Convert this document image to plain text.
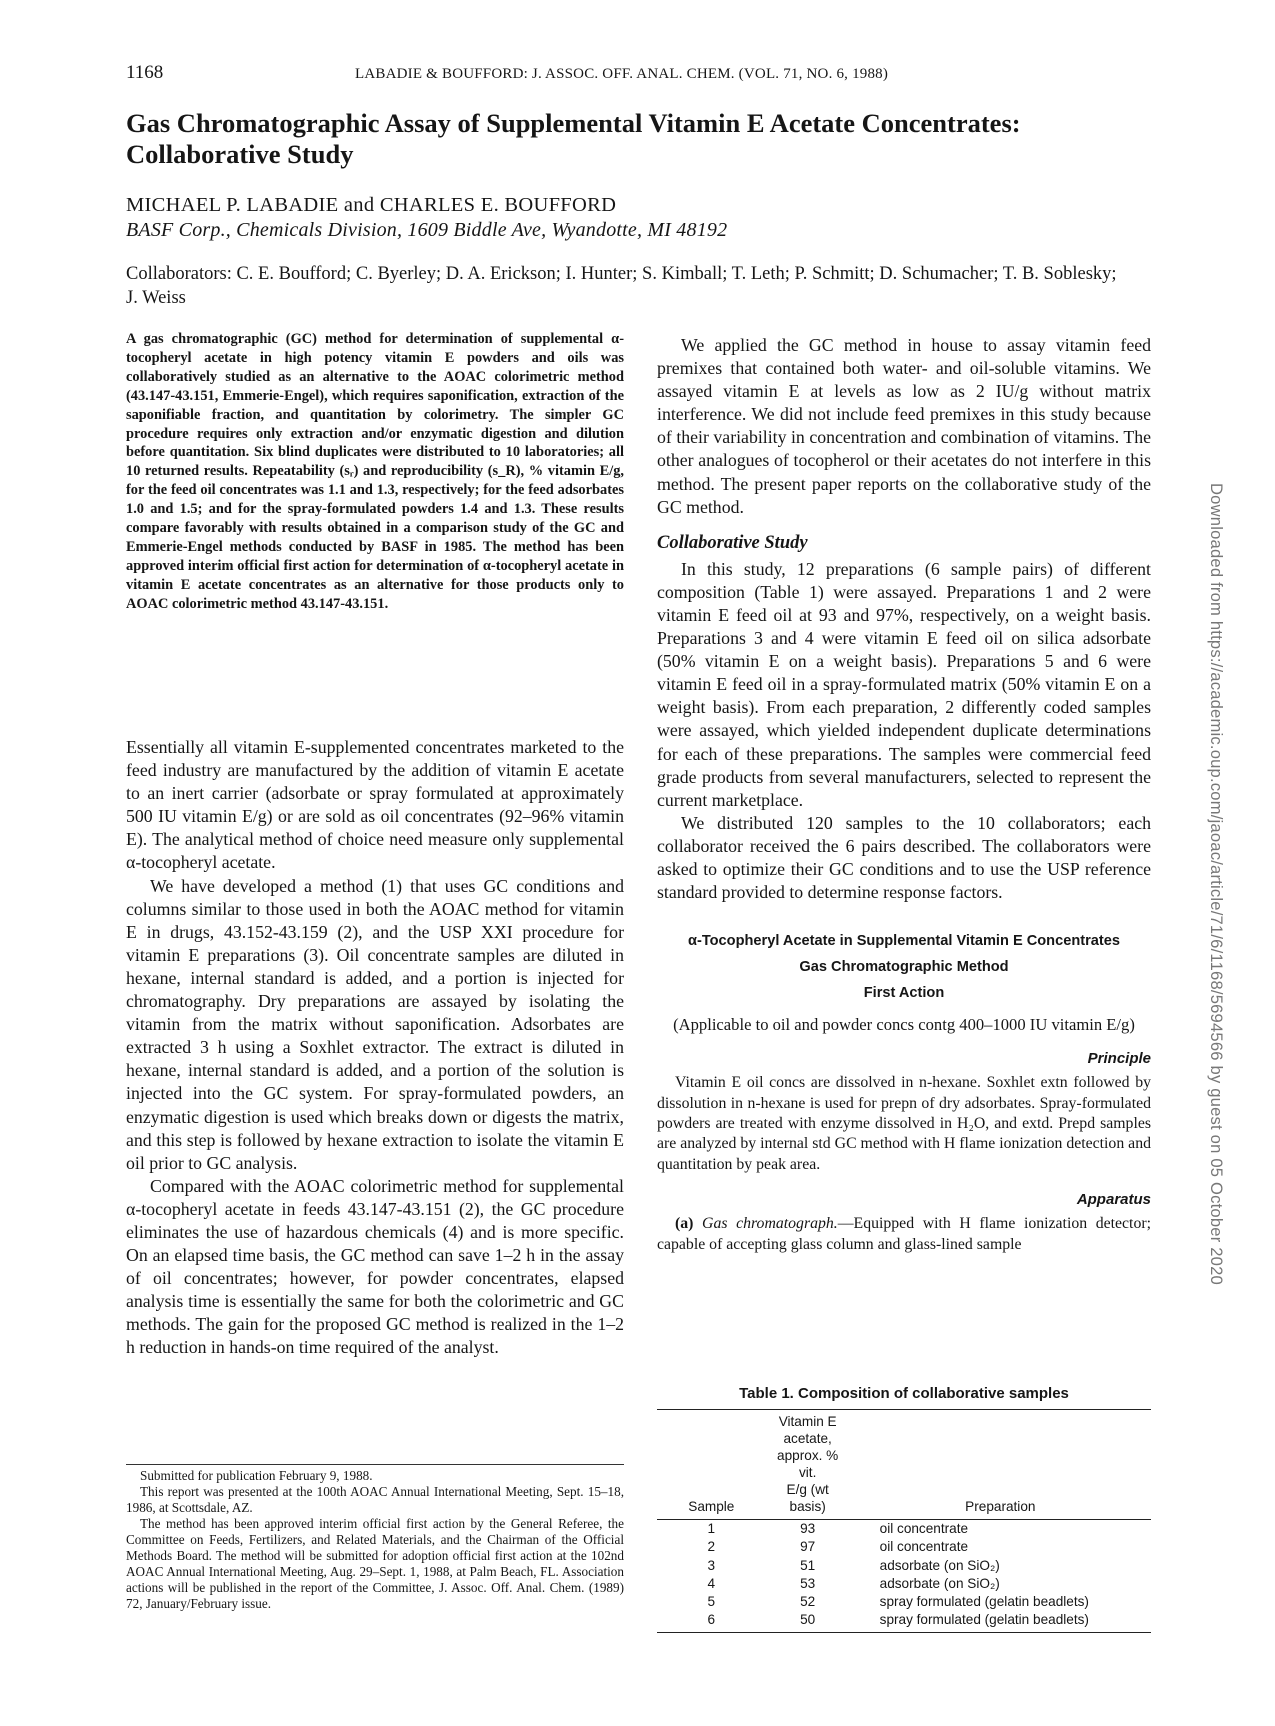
1168	LABADIE & BOUFFORD: J. ASSOC. OFF. ANAL. CHEM. (VOL. 71, NO. 6, 1988)
Gas Chromatographic Assay of Supplemental Vitamin E Acetate Concentrates: Collaborative Study
MICHAEL P. LABADIE and CHARLES E. BOUFFORD
BASF Corp., Chemicals Division, 1609 Biddle Ave, Wyandotte, MI 48192
Collaborators: C. E. Boufford; C. Byerley; D. A. Erickson; I. Hunter; S. Kimball; T. Leth; P. Schmitt; D. Schumacher; T. B. Soblesky; J. Weiss
A gas chromatographic (GC) method for determination of supplemental α-tocopheryl acetate in high potency vitamin E powders and oils was collaboratively studied as an alternative to the AOAC colorimetric method (43.147-43.151, Emmerie-Engel), which requires saponification, extraction of the saponifiable fraction, and quantitation by colorimetry. The simpler GC procedure requires only extraction and/or enzymatic digestion and dilution before quantitation. Six blind duplicates were distributed to 10 laboratories; all 10 returned results. Repeatability (sᵣ) and reproducibility (s_R), % vitamin E/g, for the feed oil concentrates was 1.1 and 1.3, respectively; for the feed adsorbates 1.0 and 1.5; and for the spray-formulated powders 1.4 and 1.3. These results compare favorably with results obtained in a comparison study of the GC and Emmerie-Engel methods conducted by BASF in 1985. The method has been approved interim official first action for determination of α-tocopheryl acetate in vitamin E acetate concentrates as an alternative for those products only to AOAC colorimetric method 43.147-43.151.

Essentially all vitamin E-supplemented concentrates marketed to the feed industry are manufactured by the addition of vitamin E acetate to an inert carrier (adsorbate or spray formulated at approximately 500 IU vitamin E/g) or are sold as oil concentrates (92–96% vitamin E). The analytical method of choice need measure only supplemental α-tocopheryl acetate.

We have developed a method (1) that uses GC conditions and columns similar to those used in both the AOAC method for vitamin E in drugs, 43.152-43.159 (2), and the USP XXI procedure for vitamin E preparations (3). Oil concentrate samples are diluted in hexane, internal standard is added, and a portion is injected for chromatography. Dry preparations are assayed by isolating the vitamin from the matrix without saponification. Adsorbates are extracted 3 h using a Soxhlet extractor. The extract is diluted in hexane, internal standard is added, and a portion of the solution is injected into the GC system. For spray-formulated powders, an enzymatic digestion is used which breaks down or digests the matrix, and this step is followed by hexane extraction to isolate the vitamin E oil prior to GC analysis.

Compared with the AOAC colorimetric method for supplemental α-tocopheryl acetate in feeds 43.147-43.151 (2), the GC procedure eliminates the use of hazardous chemicals (4) and is more specific. On an elapsed time basis, the GC method can save 1–2 h in the assay of oil concentrates; however, for powder concentrates, elapsed analysis time is essentially the same for both the colorimetric and GC methods. The gain for the proposed GC method is realized in the 1–2 h reduction in hands-on time required of the analyst.

Submitted for publication February 9, 1988.

This report was presented at the 100th AOAC Annual International Meeting, Sept. 15–18, 1986, at Scottsdale, AZ.

The method has been approved interim official first action by the General Referee, the Committee on Feeds, Fertilizers, and Related Materials, and the Chairman of the Official Methods Board. The method will be submitted for adoption official first action at the 102nd AOAC Annual International Meeting, Aug. 29–Sept. 1, 1988, at Palm Beach, FL. Association actions will be published in the report of the Committee, J. Assoc. Off. Anal. Chem. (1989) 72, January/February issue.

We applied the GC method in house to assay vitamin feed premixes that contained both water- and oil-soluble vitamins. We assayed vitamin E at levels as low as 2 IU/g without matrix interference. We did not include feed premixes in this study because of their variability in concentration and combination of vitamins. The other analogues of tocopherol or their acetates do not interfere in this method. The present paper reports on the collaborative study of the GC method.

Collaborative Study

In this study, 12 preparations (6 sample pairs) of different composition (Table 1) were assayed. Preparations 1 and 2 were vitamin E feed oil at 93 and 97%, respectively, on a weight basis. Preparations 3 and 4 were vitamin E feed oil on silica adsorbate (50% vitamin E on a weight basis). Preparations 5 and 6 were vitamin E feed oil in a spray-formulated matrix (50% vitamin E on a weight basis). From each preparation, 2 differently coded samples were assayed, which yielded independent duplicate determinations for each of these preparations. The samples were commercial feed grade products from several manufacturers, selected to represent the current marketplace.

We distributed 120 samples to the 10 collaborators; each collaborator received the 6 pairs described. The collaborators were asked to optimize their GC conditions and to use the USP reference standard provided to determine response factors.

α-Tocopheryl Acetate in Supplemental Vitamin E Concentrates
Gas Chromatographic Method
First Action
(Applicable to oil and powder concs contg 400–1000 IU vitamin E/g)
Principle

Vitamin E oil concs are dissolved in n-hexane. Soxhlet extn followed by dissolution in n-hexane is used for prepn of dry adsorbates. Spray-formulated powders are treated with enzyme dissolved in H₂O, and extd. Prepd samples are analyzed by internal std GC method with H flame ionization detection and quantitation by peak area.

Apparatus

(a) Gas chromatograph.—Equipped with H flame ionization detector; capable of accepting glass column and glass-lined sample

Table 1. Composition of collaborative samples
Sample	Vitamin E
acetate,
approx. % vit.
E/g (wt basis)	Preparation
1	93	oil concentrate
2	97	oil concentrate
3	51	adsorbate (on SiO₂)
4	53	adsorbate (on SiO₂)
5	52	spray formulated (gelatin beadlets)
6	50	spray formulated (gelatin beadlets)
Downloaded from https://academic.oup.com/jaoac/article/71/6/1168/5694566 by guest on 05 October 2020
